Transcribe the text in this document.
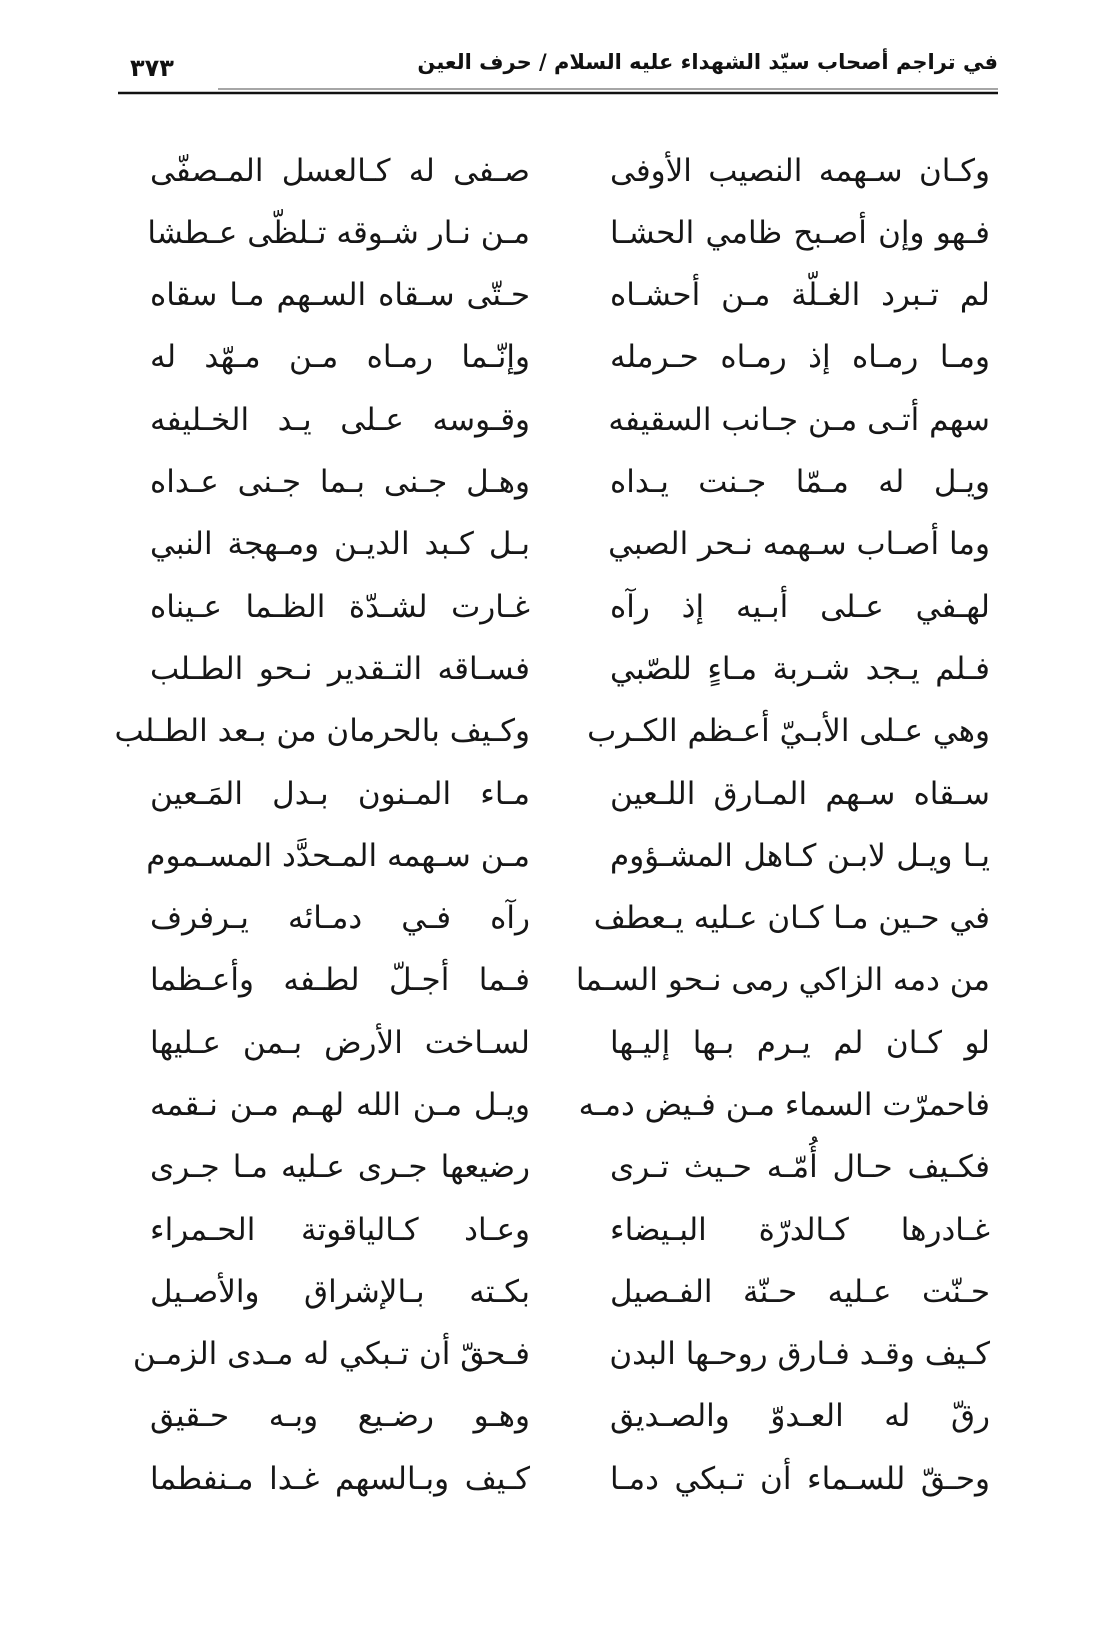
في تراجم أصحاب سيّد الشهداء عليه السلام / حرف العين
٣٧٣
وكـان سـهمه النصيب الأوفى
صـفى له كـالعسل المـصفّى
فـهو وإن أصـبح ظامي الحشـا
مـن نـار شـوقه تـلظّى عـطشا
لم تـبرد الغـلّة مـن أحشـاه
حـتّى سـقاه السـهم مـا سقاه
ومـا رمـاه إذ رمـاه حـرمله
وإنّـما رمـاه مـن مـهّد له
سهم أتـى مـن جـانب السقيفه
وقـوسه عـلى يـد الخـليفه
ويـل له مـمّا جـنت يـداه
وهـل جـنى بـما جـنى عـداه
وما أصـاب سـهمه نـحر الصبي
بـل كـبد الديـن ومـهجة النبي
لهـفي عـلى أبـيه إذ رآه
غـارت لشـدّة الظـما عـيناه
فـلم يـجد شـربة مـاءٍ للصّبي
فسـاقه التـقدير نـحو الطـلب
وهي عـلى الأبـيّ أعـظم الكـرب
وكـيف بالحرمان من بـعد الطـلب
سـقاه سـهم المـارق اللـعين
مـاء المـنون بـدل المَـعين
يـا ويـل لابـن كـاهل المشـؤوم
مـن سـهمه المـحدَّد المسـموم
في حـين مـا كـان عـليه يـعطف
رآه فـي دمـائه يـرفرف
من دمه الزاكي رمى نـحو السـما
فـما أجـلّ لطـفه وأعـظما
لو كـان لم يـرم بـها إليـها
لسـاخت الأرض بـمن عـليها
فاحمرّت السماء مـن فـيض دمـه
ويـل مـن الله لهـم مـن نـقمه
فكـيف حـال أُمّـه حـيث تـرى
رضيعها جـرى عـليه مـا جـرى
غـادرها كـالدرّة البـيضاء
وعـاد كـالياقوتة الحـمراء
حـنّت عـليه حـنّة الفـصيل
بكـته بـالإشراق والأصـيل
كـيف وقـد فـارق روحـها البدن
فـحقّ أن تـبكي له مـدى الزمـن
رقّ له العـدوّ والصـديق
وهـو رضـيع وبـه حـقيق
وحـقّ للسـماء أن تـبكي دمـا
كـيف وبـالسهم غـدا مـنفطما
